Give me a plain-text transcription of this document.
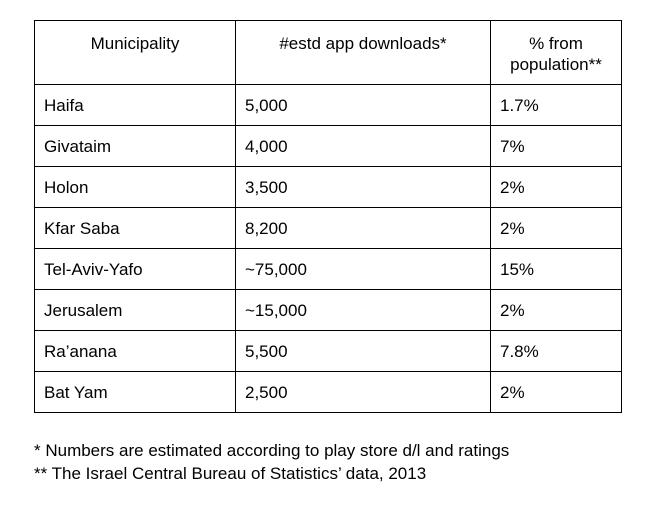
Municipality	#estd app downloads*	% from population**
Haifa	5,000	1.7%
Givataim	4,000	7%
Holon	3,500	2%
Kfar Saba	8,200	2%
Tel-Aviv-Yafo	~75,000	15%
Jerusalem	~15,000	2%
Ra’anana	5,500	7.8%
Bat Yam	2,500	2%
* Numbers are estimated according to play store d/l and ratings
** The Israel Central Bureau of Statistics’ data, 2013
